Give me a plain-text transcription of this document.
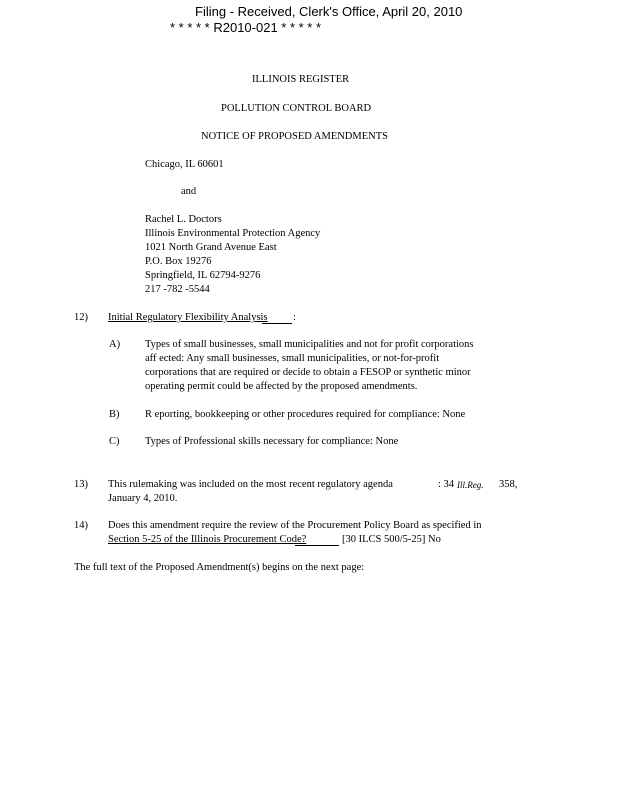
Filing - Received, Clerk's Office, April 20, 2010
* * * * * R2010-021 * * * * *
ILLINOIS REGISTER
POLLUTION CONTROL BOARD
NOTICE OF PROPOSED AMENDMENTS
Chicago, IL 60601
and
Rachel L. Doctors
Illinois Environmental Protection Agency
1021 North Grand Avenue East
P.O. Box 19276
Springfield, IL 62794-9276
217 -782 -5544
12) Initial Regulatory Flexibility Analysis :
A) Types of small businesses, small municipalities and not for profit corporations
aff ected: Any small businesses, small municipalities, or not-for-profit
corporations that are required or decide to obtain a FESOP or synthetic minor
operating permit could be affected by the proposed amendments.
B) R eporting, bookkeeping or other procedures required for compliance: None
C) Types of Professional skills necessary for compliance: None
13) This rulemaking was included on the most recent regulatory agenda	: 34 Ill.Reg. 358,
January 4, 2010.
14) Does this amendment require the review of the Procurement Policy Board as specified in
Section 5-25 of the Illinois Procurement Code?	[30 ILCS 500/5-25] No
The full text of the Proposed Amendment(s) begins on the next page:
